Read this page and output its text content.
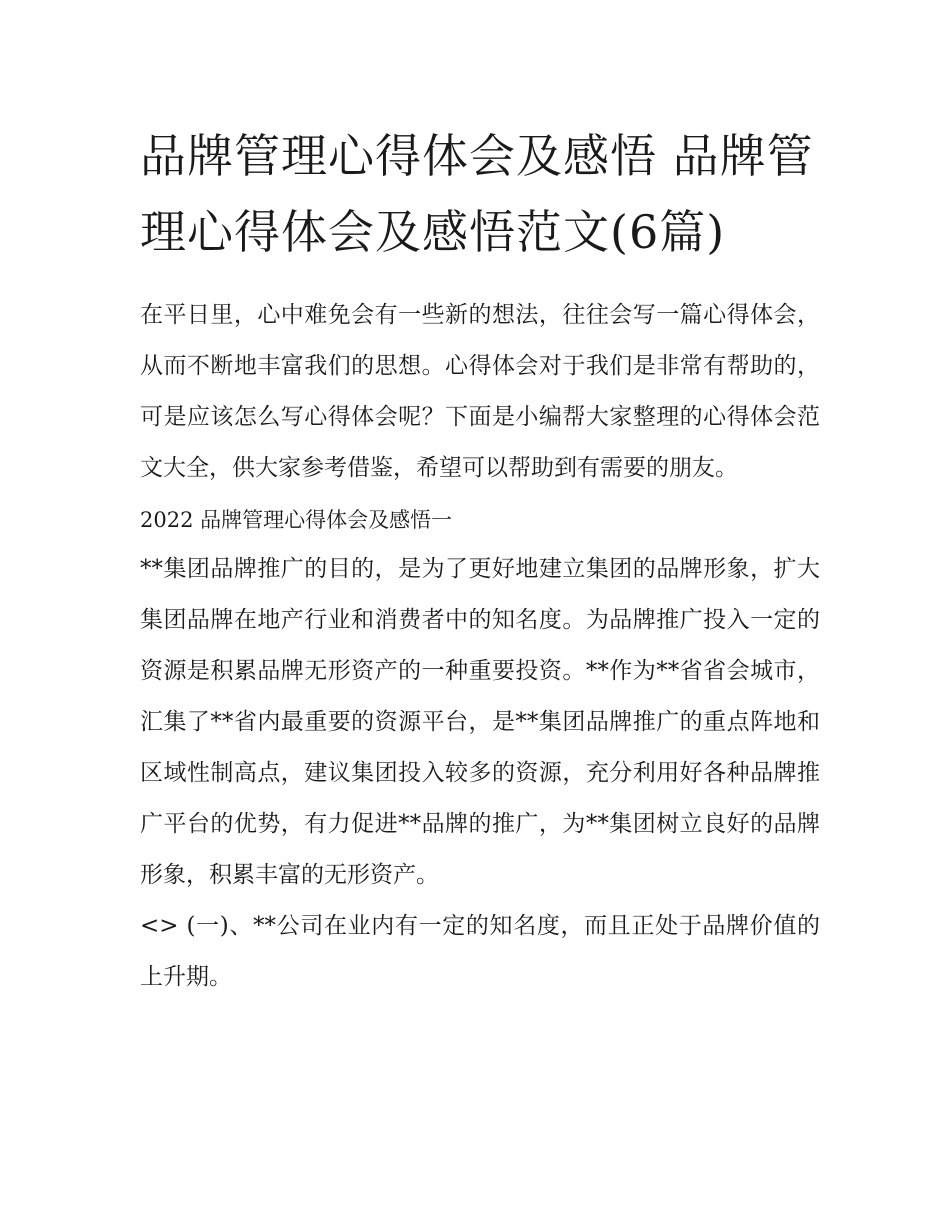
品牌管理心得体会及感悟 品牌管理心得体会及感悟范文(6篇)

在平日里，心中难免会有一些新的想法，往往会写一篇心得体会，从而不断地丰富我们的思想。心得体会对于我们是非常有帮助的，可是应该怎么写心得体会呢？下面是小编帮大家整理的心得体会范文大全，供大家参考借鉴，希望可以帮助到有需要的朋友。

2022 品牌管理心得体会及感悟一

**集团品牌推广的目的，是为了更好地建立集团的品牌形象，扩大集团品牌在地产行业和消费者中的知名度。为品牌推广投入一定的资源是积累品牌无形资产的一种重要投资。**作为**省省会城市，汇集了**省内最重要的资源平台，是**集团品牌推广的重点阵地和区域性制高点，建议集团投入较多的资源，充分利用好各种品牌推广平台的优势，有力促进**品牌的推广，为**集团树立良好的品牌形象，积累丰富的无形资产。

<> (一)、**公司在业内有一定的知名度，而且正处于品牌价值的上升期。
